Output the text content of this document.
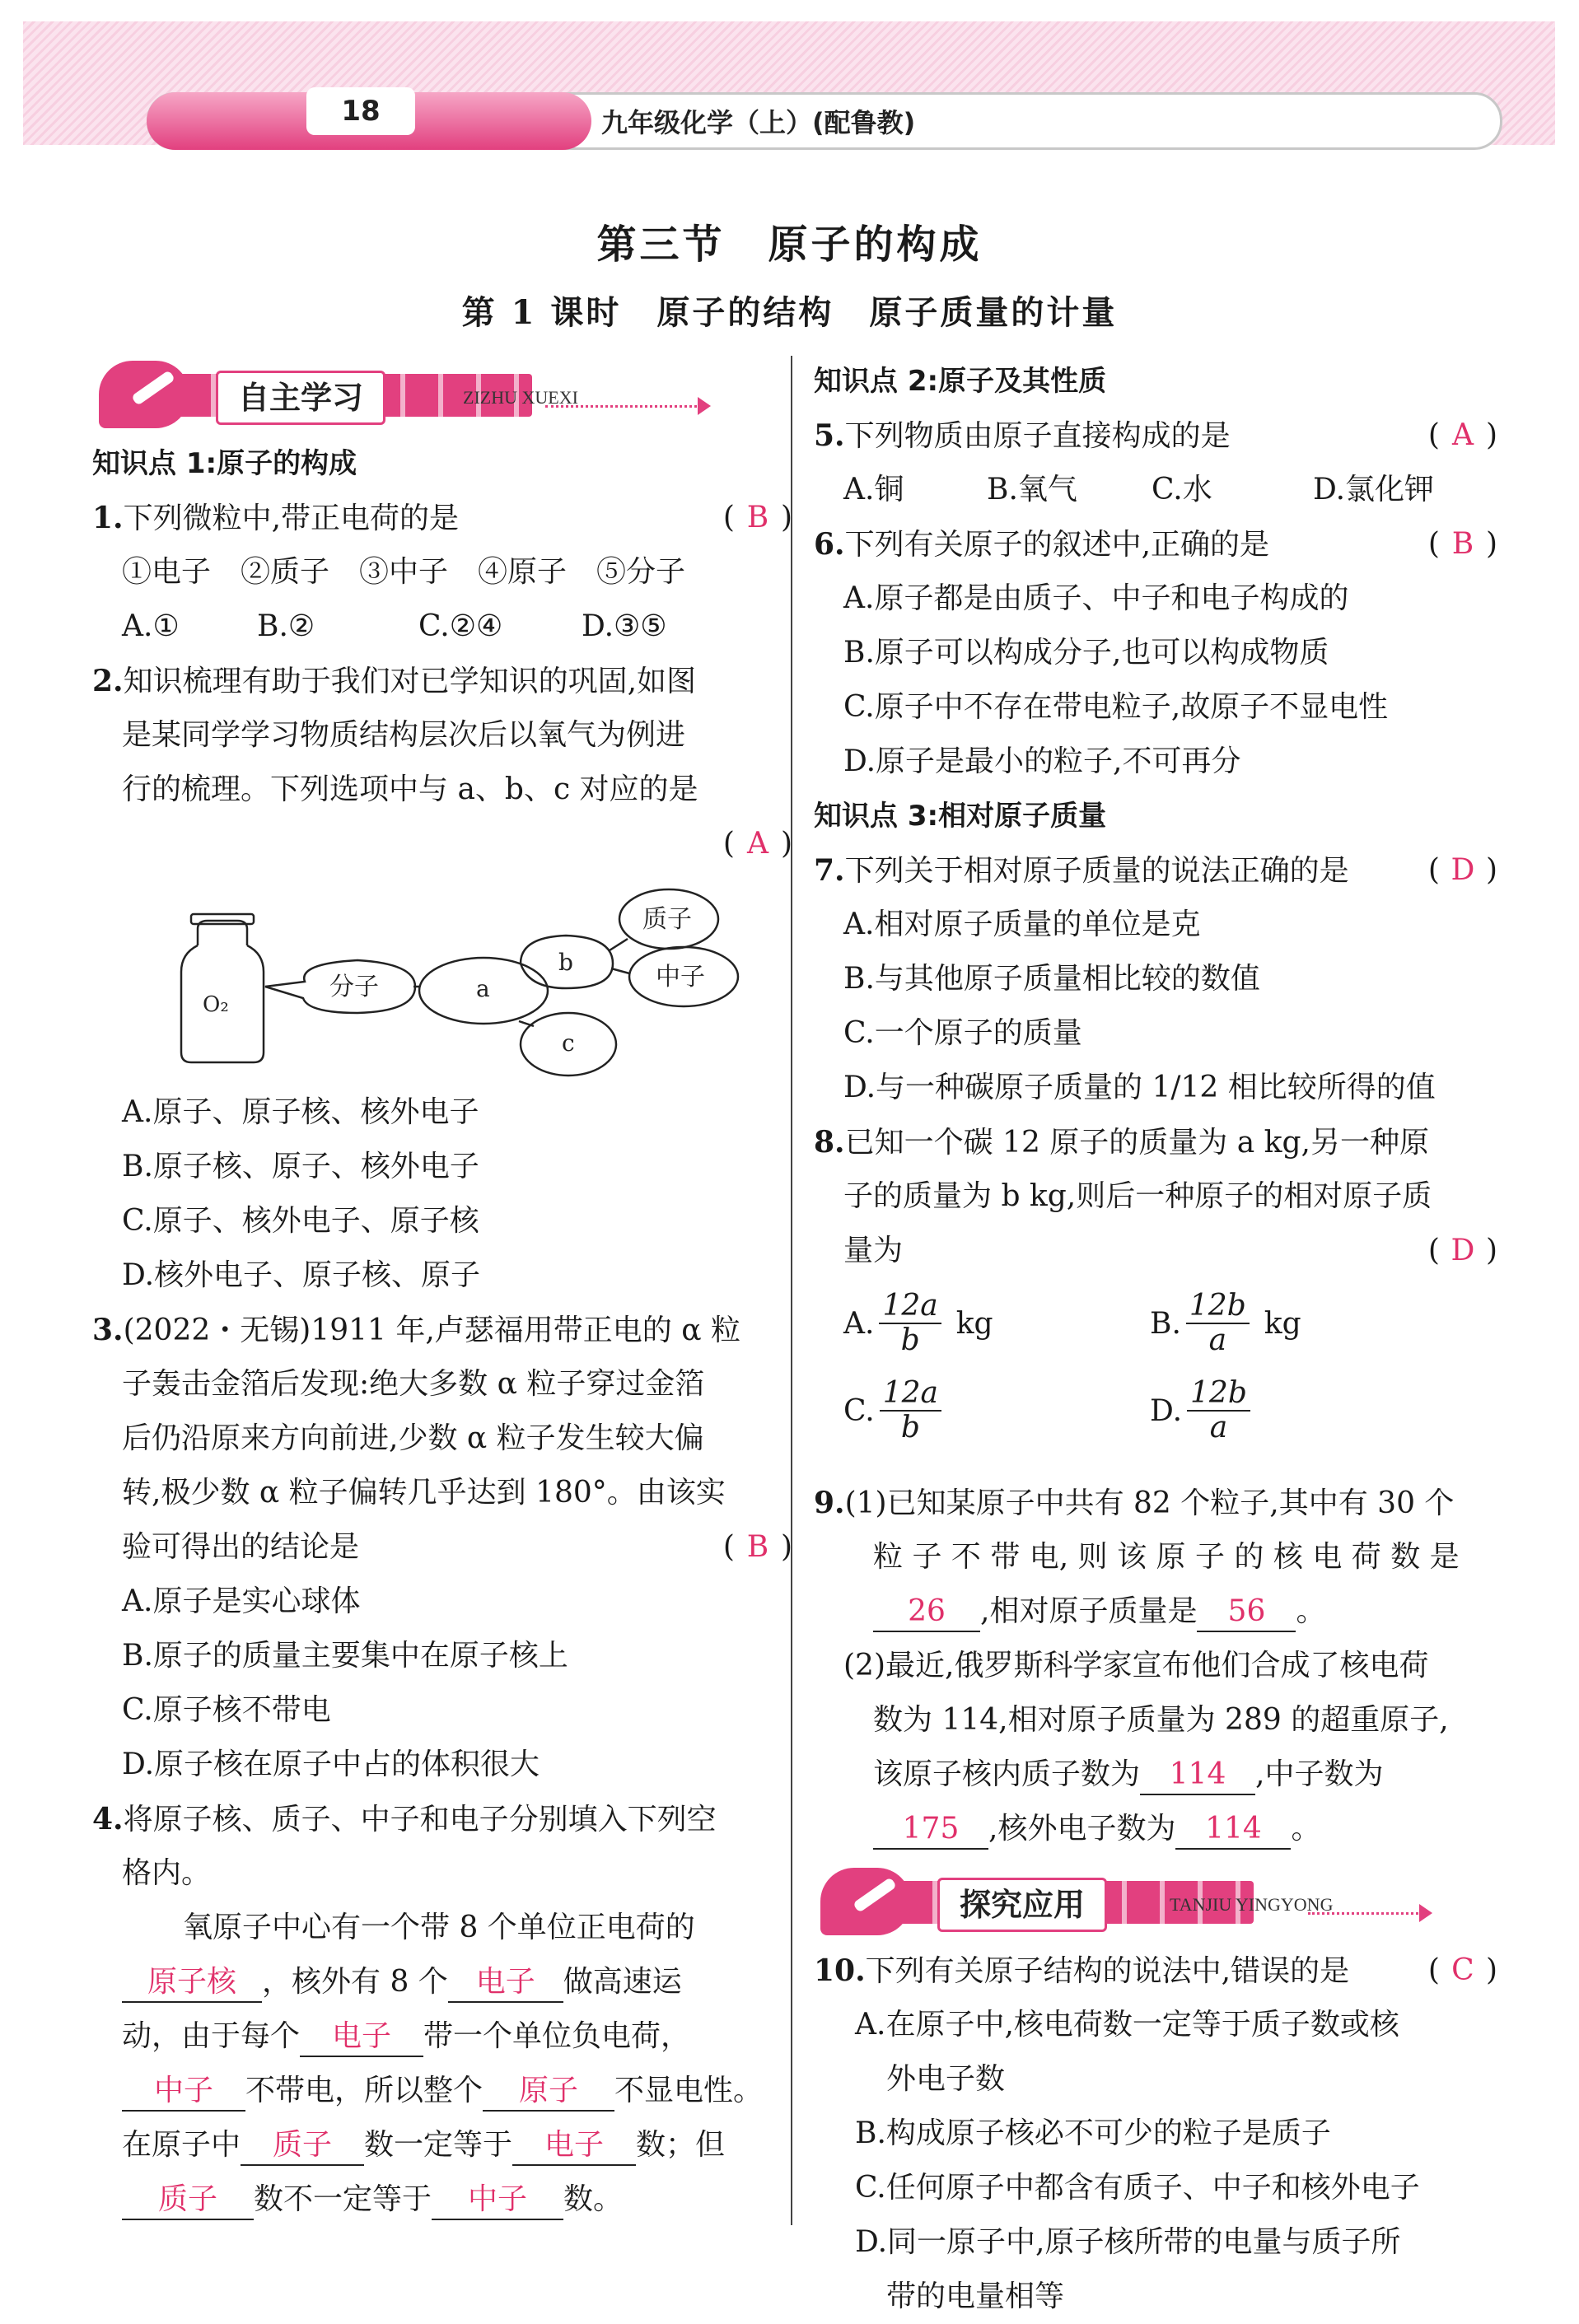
18	九年级化学（上）(配鲁教)
第三节　原子的构成
第 1 课时　原子的结构　原子质量的计量
自主学习	ZIZHU XUEXI
知识点 1:原子的构成
1.下列微粒中,带正电荷的是	( B )
①电子　②质子　③中子　④原子　⑤分子
A.①	B.②	C.②④	D.③⑤
2.知识梳理有助于我们对已学知识的巩固,如图
是某同学学习物质结构层次后以氧气为例进
行的梳理。下列选项中与 a、b、c 对应的是
( A )
O₂
分子	a
b
c
质子
中子
A.原子、原子核、核外电子
B.原子核、原子、核外电子
C.原子、核外电子、原子核
D.核外电子、原子核、原子
3.(2022・无锡)1911 年,卢瑟福用带正电的 α 粒
子轰击金箔后发现:绝大多数 α 粒子穿过金箔
后仍沿原来方向前进,少数 α 粒子发生较大偏
转,极少数 α 粒子偏转几乎达到 180°。由该实
验可得出的结论是	( B )
A.原子是实心球体
B.原子的质量主要集中在原子核上
C.原子核不带电
D.原子核在原子中占的体积很大
4.将原子核、质子、中子和电子分别填入下列空
格内。
氧原子中心有一个带 8 个单位正电荷的
原子核 ，核外有 8 个 电子 做高速运
动，由于每个 电子 带一个单位负电荷，
中子 不带电，所以整个 原子 不显电性。
在原子中 质子 数一定等于 电子 数；但
质子 数不一定等于 中子 数。
知识点 2:原子及其性质
5.下列物质由原子直接构成的是	( A )
A.铜	B.氧气	C.水	D.氯化钾
6.下列有关原子的叙述中,正确的是	( B )
A.原子都是由质子、中子和电子构成的
B.原子可以构成分子,也可以构成物质
C.原子中不存在带电粒子,故原子不显电性
D.原子是最小的粒子,不可再分
知识点 3:相对原子质量
7.下列关于相对原子质量的说法正确的是	( D )
A.相对原子质量的单位是克
B.与其他原子质量相比较的数值
C.一个原子的质量
D.与一种碳原子质量的 1/12 相比较所得的值
8.已知一个碳 12 原子的质量为 a kg,另一种原
子的质量为 b kg,则后一种原子的相对原子质
量为	( D )
A. $\frac{12a}{b}$ kg	B. $\frac{12b}{a}$ kg
C. $\frac{12a}{b}$	D. $\frac{12b}{a}$
9.(1)已知某原子中共有 82 个粒子,其中有 30 个
粒 子 不 带 电, 则 该 原 子 的 核 电 荷 数 是
26 ,相对原子质量是 56 。
(2)最近,俄罗斯科学家宣布他们合成了核电荷
数为 114,相对原子质量为 289 的超重原子,
该原子核内质子数为 114 ,中子数为
175 ,核外电子数为 114 。
探究应用	TANJIU YINGYONG
10.下列有关原子结构的说法中,错误的是	( C )
A.在原子中,核电荷数一定等于质子数或核
外电子数
B.构成原子核必不可少的粒子是质子
C.任何原子中都含有质子、中子和核外电子
D.同一原子中,原子核所带的电量与质子所
带的电量相等
